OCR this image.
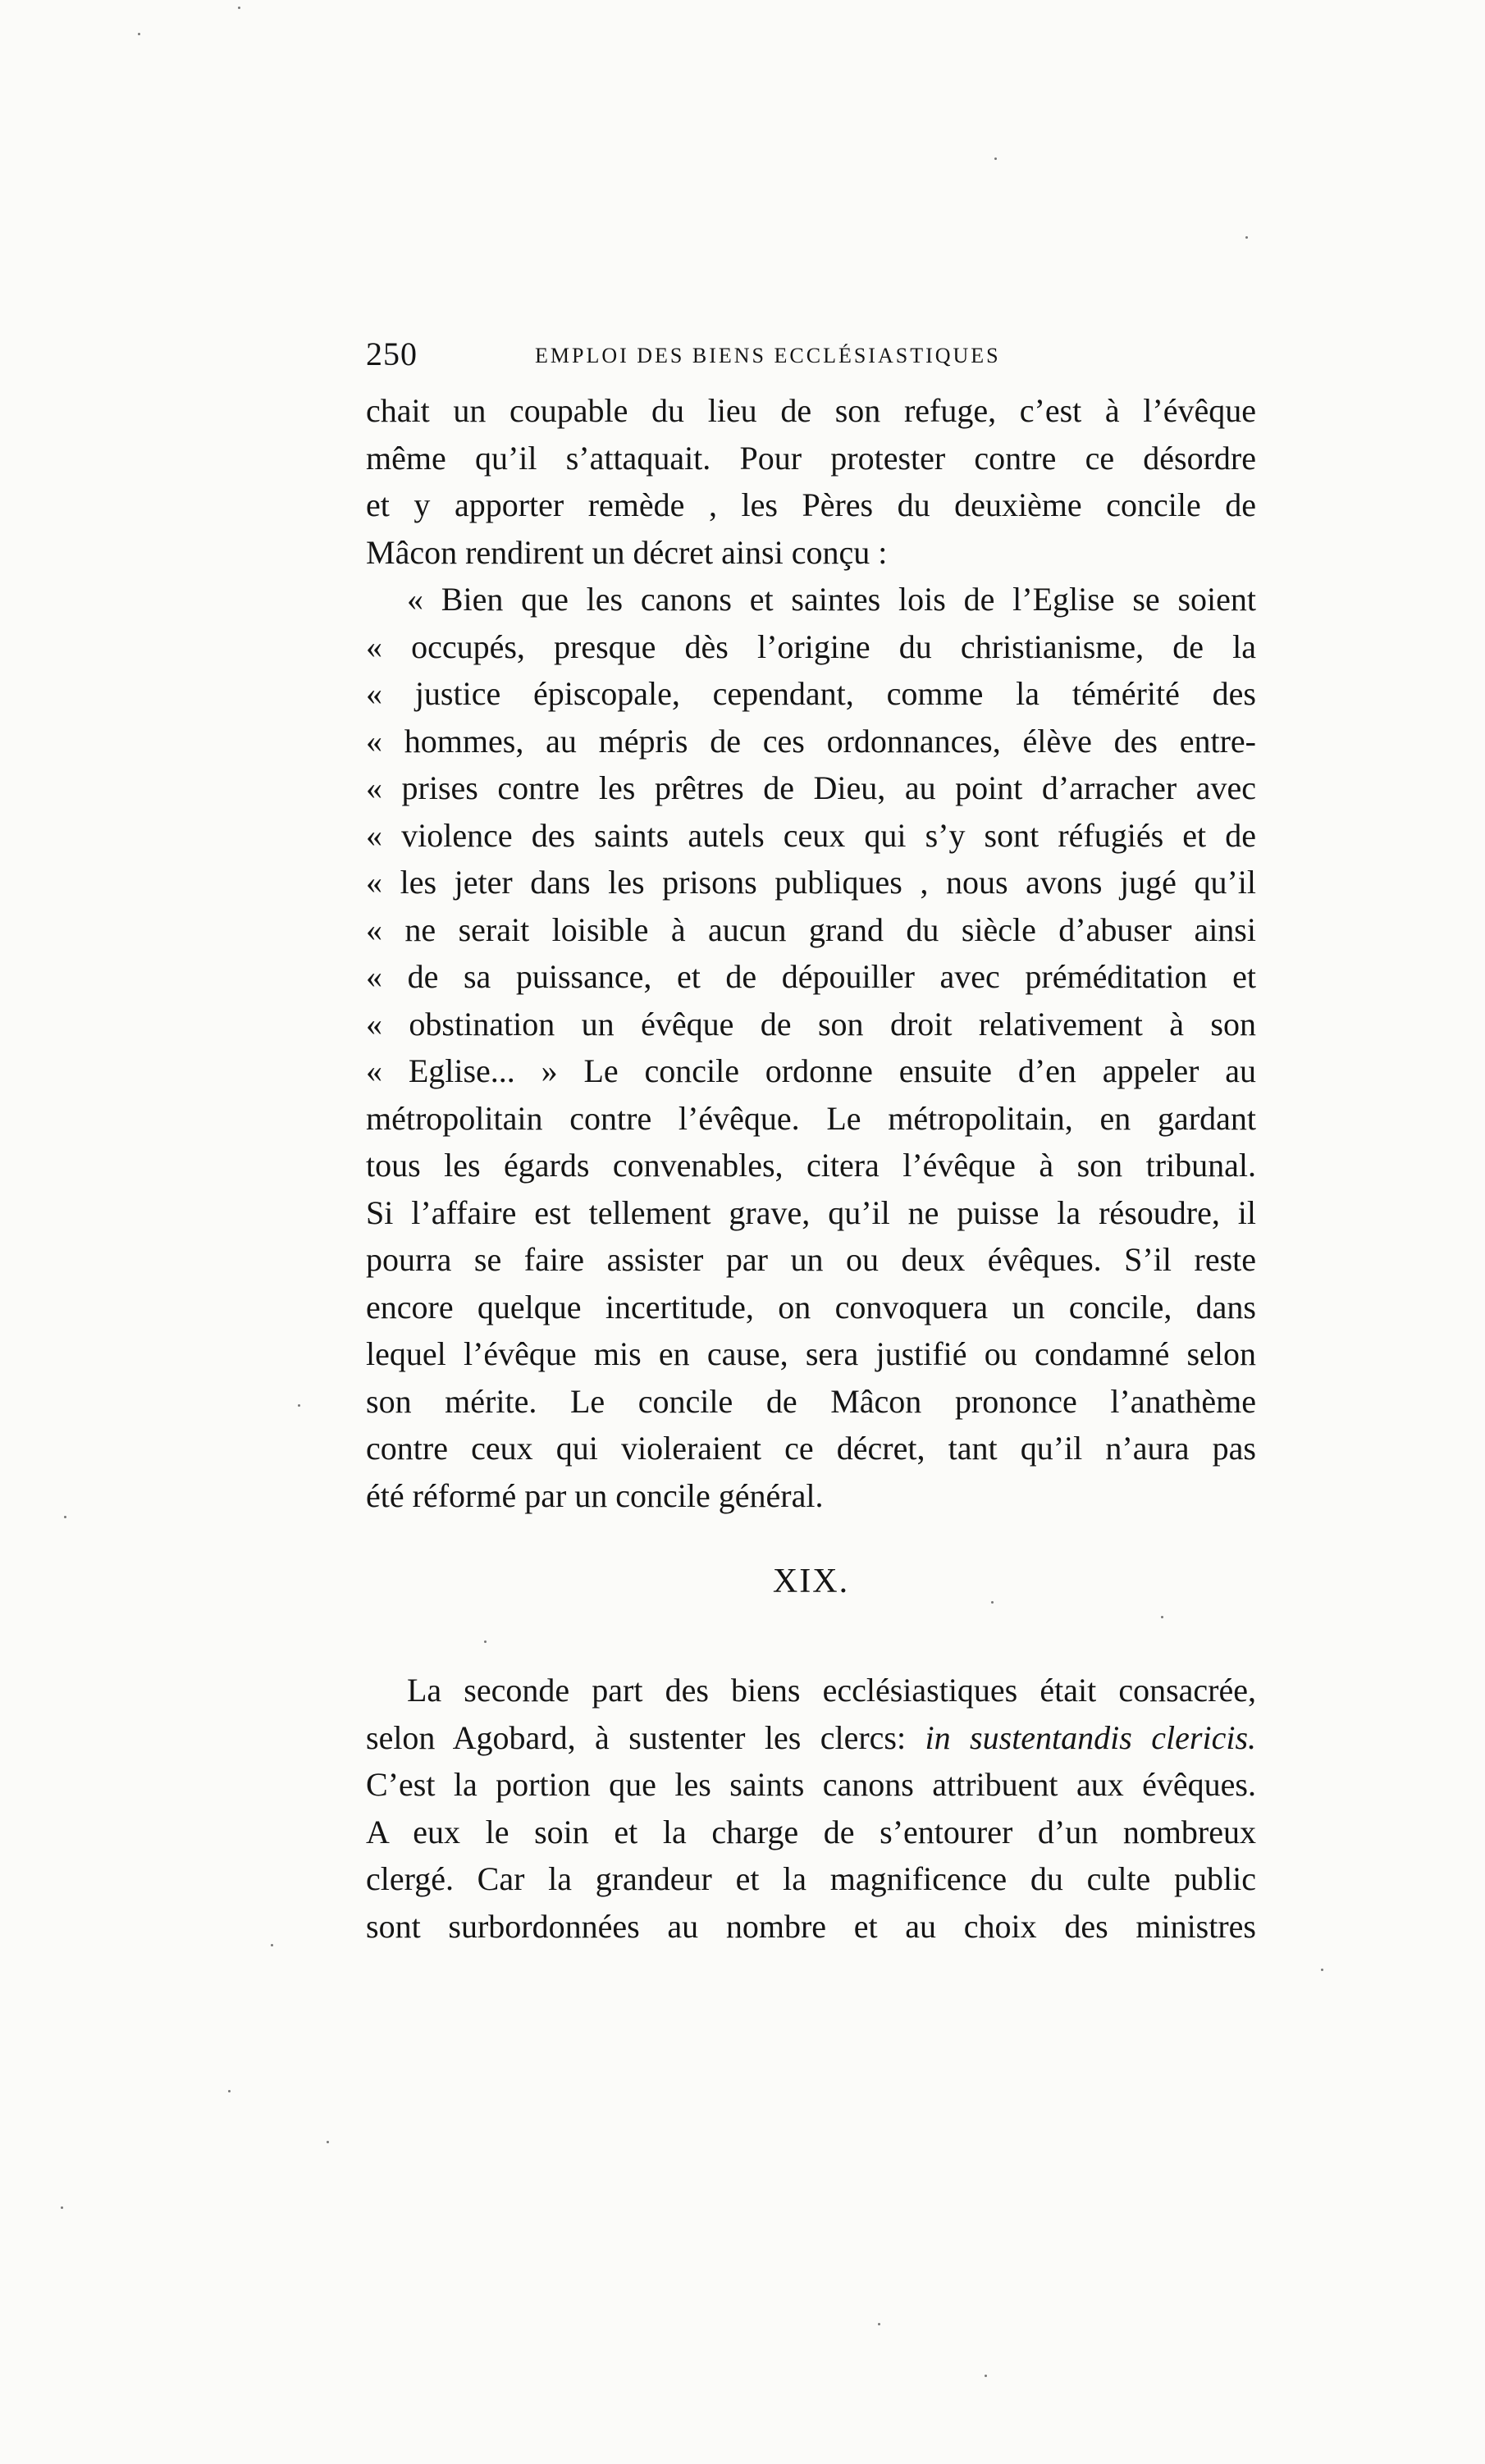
250	EMPLOI DES BIENS ECCLÉSIASTIQUES
chait un coupable du lieu de son refuge, c’est à l’évêque
même qu’il s’attaquait. Pour protester contre ce désordre
et y apporter remède , les Pères du deuxième concile de
Mâcon rendirent un décret ainsi conçu :
« Bien que les canons et saintes lois de l’Eglise se soient
« occupés, presque dès l’origine du christianisme, de la
« justice épiscopale, cependant, comme la témérité des
« hommes, au mépris de ces ordonnances, élève des entre-
« prises contre les prêtres de Dieu, au point d’arracher avec
« violence des saints autels ceux qui s’y sont réfugiés et de
« les jeter dans les prisons publiques , nous avons jugé qu’il
« ne serait loisible à aucun grand du siècle d’abuser ainsi
« de sa puissance, et de dépouiller avec préméditation et
« obstination un évêque de son droit relativement à son
« Eglise... » Le concile ordonne ensuite d’en appeler au
métropolitain contre l’évêque. Le métropolitain, en gardant
tous les égards convenables, citera l’évêque à son tribunal.
Si l’affaire est tellement grave, qu’il ne puisse la résoudre, il
pourra se faire assister par un ou deux évêques. S’il reste
encore quelque incertitude, on convoquera un concile, dans
lequel l’évêque mis en cause, sera justifié ou condamné selon
son mérite. Le concile de Mâcon prononce l’anathème
contre ceux qui violeraient ce décret, tant qu’il n’aura pas
été réformé par un concile général.
XIX.
La seconde part des biens ecclésiastiques était consacrée,
selon Agobard, à sustenter les clercs: in sustentandis clericis.
C’est la portion que les saints canons attribuent aux évêques.
A eux le soin et la charge de s’entourer d’un nombreux
clergé. Car la grandeur et la magnificence du culte public
sont surbordonnées au nombre et au choix des ministres
